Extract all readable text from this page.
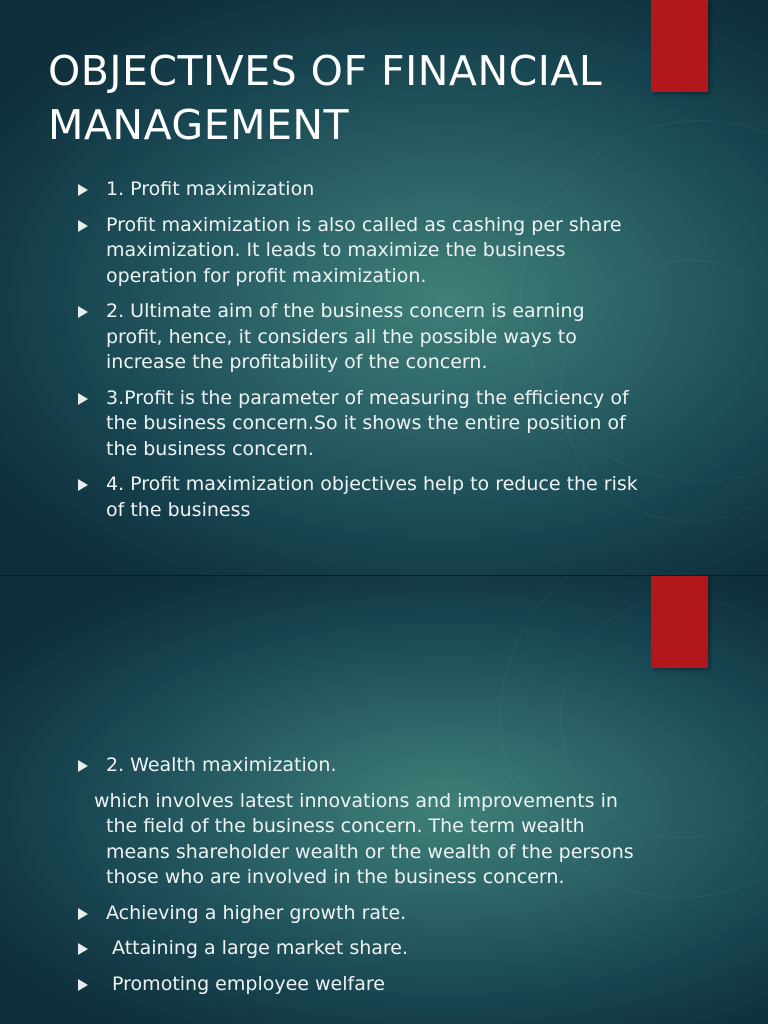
OBJECTIVES OF FINANCIAL MANAGEMENT
1. Profit maximization
Profit maximization is also called as cashing per share maximization. It leads to maximize the business operation for profit maximization.
2. Ultimate aim of the business concern is earning profit, hence, it considers all the possible ways to increase the profitability of the concern.
3.Profit is the parameter of measuring the efficiency of the business concern.So it shows the entire position of the business concern.
4. Profit maximization objectives help to reduce the risk of the business
2. Wealth maximization.
which involves latest innovations and improvements in the field of the business concern. The term wealth means shareholder wealth or the wealth of the persons those who are involved in the business concern.
Achieving a higher growth rate.
Attaining a large market share.
Promoting employee welfare
